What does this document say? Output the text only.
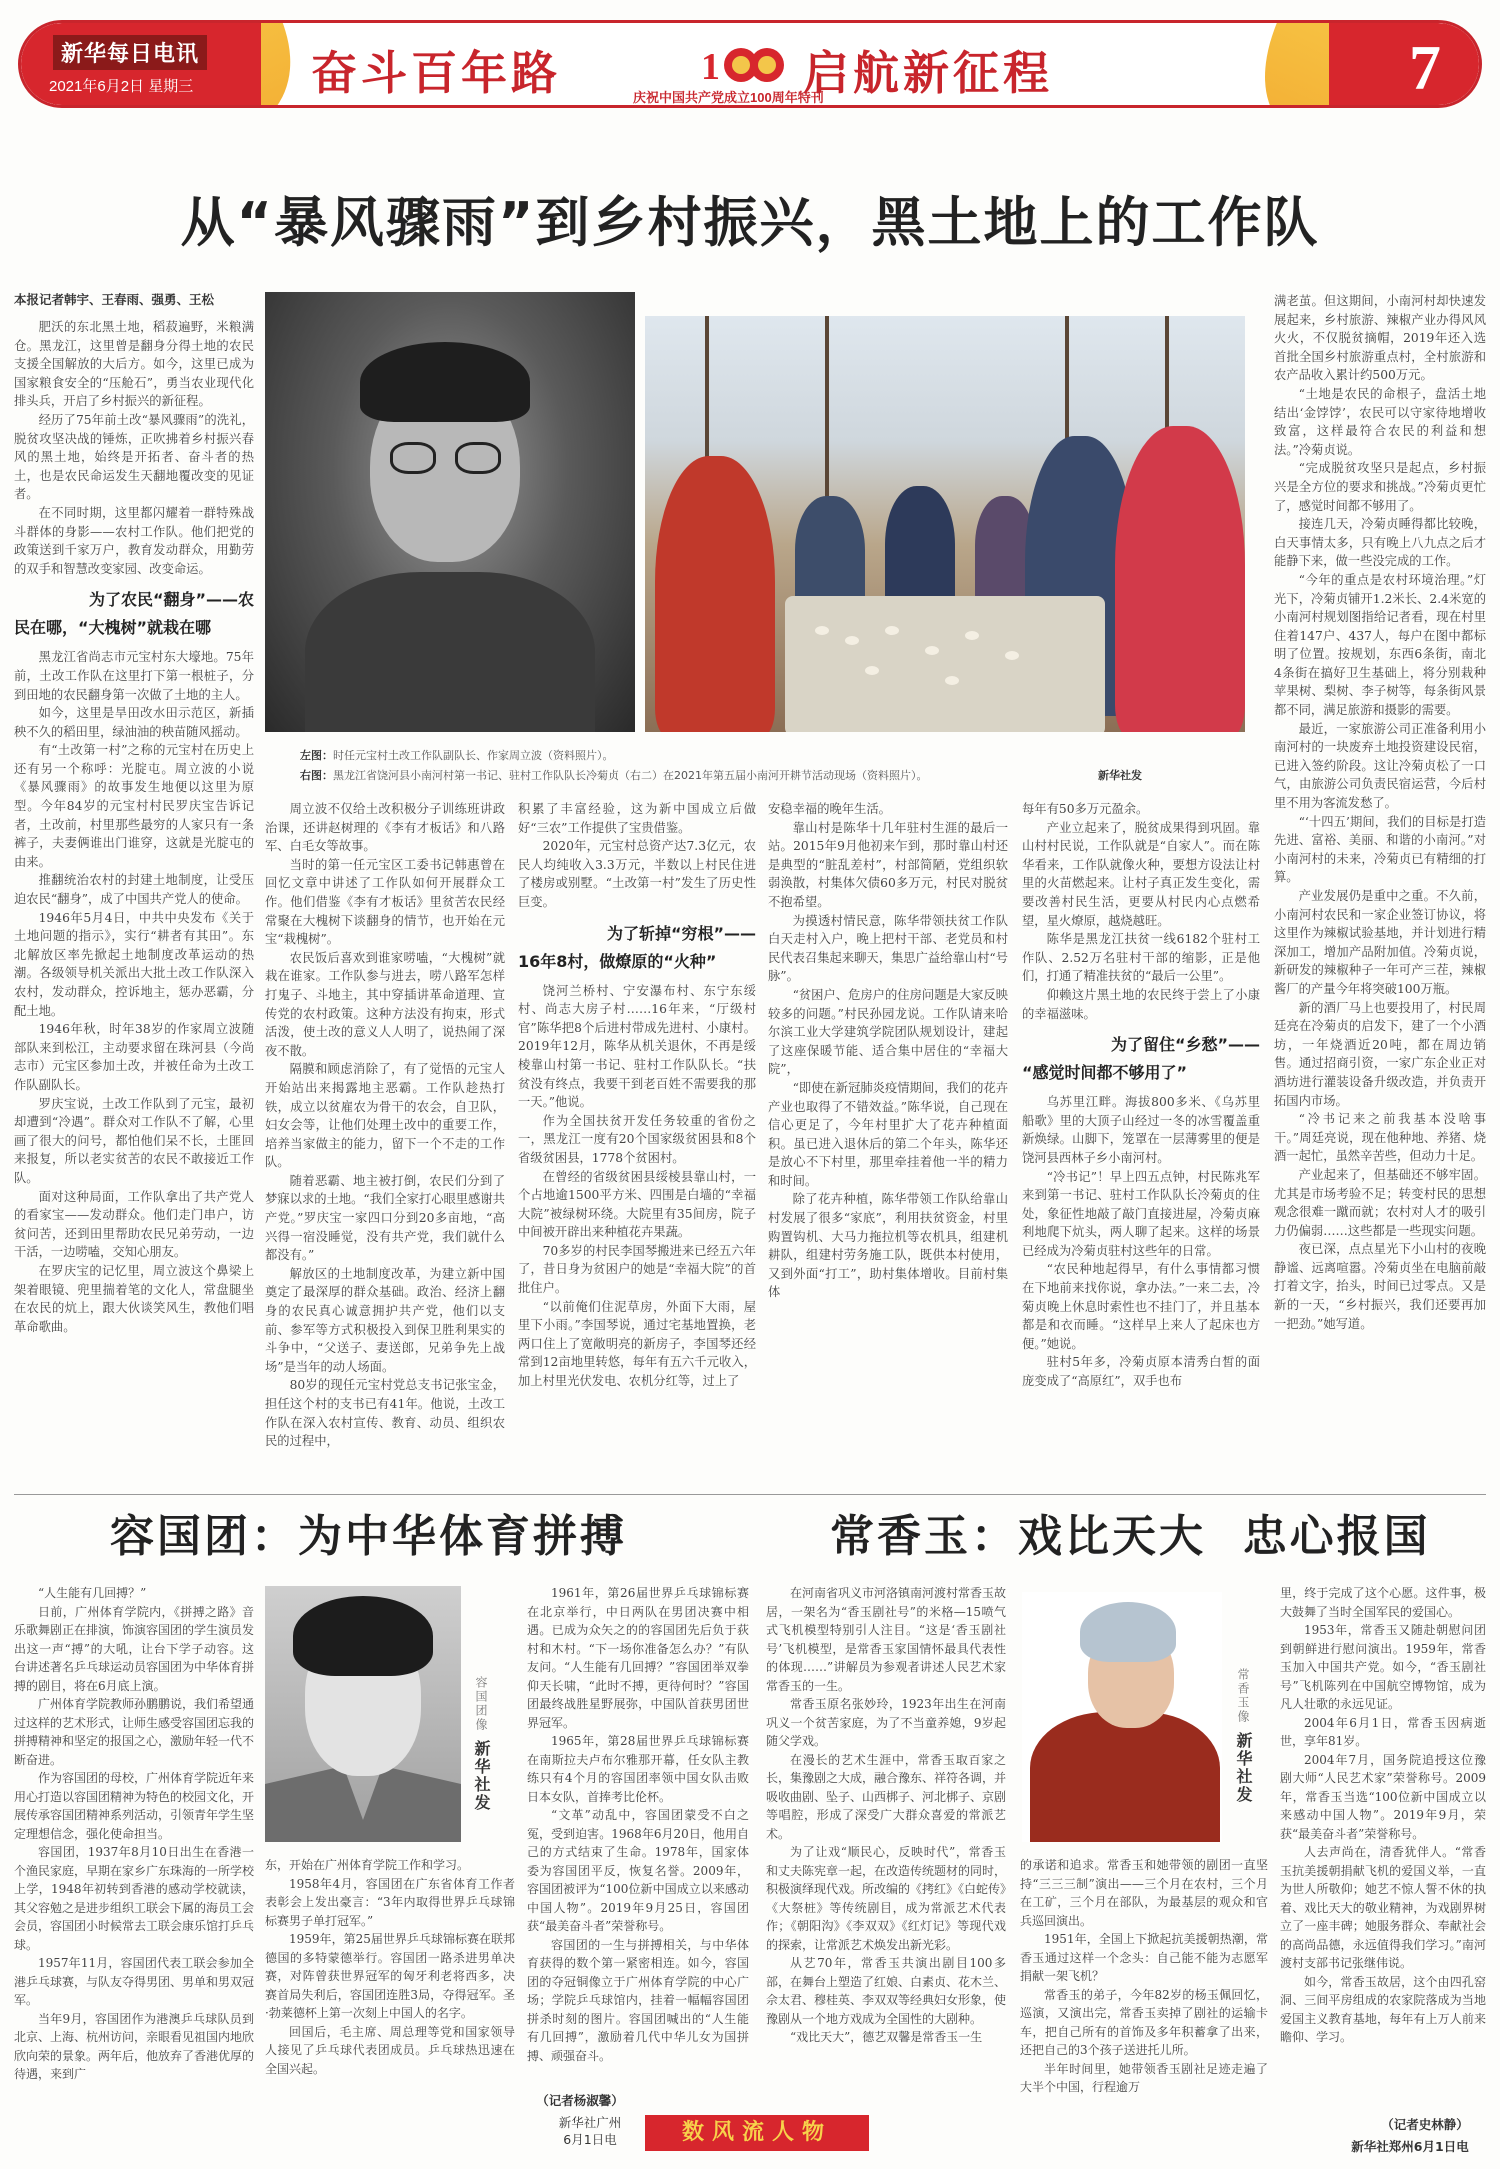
新华每日电讯
2021年6月2日 星期三	奋斗百年路	1 启航新征程
庆祝中国共产党成立100周年特刊	7
从“暴风骤雨”到乡村振兴，黑土地上的工作队
本报记者韩宇、王春雨、强勇、王松

肥沃的东北黑土地，稻菽遍野，米粮满仓。黑龙江，这里曾是翻身分得土地的农民支援全国解放的大后方。如今，这里已成为国家粮食安全的“压舱石”，勇当农业现代化排头兵，开启了乡村振兴的新征程。

经历了75年前土改“暴风骤雨”的洗礼，脱贫攻坚决战的锤炼，正吹拂着乡村振兴春风的黑土地，始终是开拓者、奋斗者的热土，也是农民命运发生天翻地覆改变的见证者。

在不同时期，这里都闪耀着一群特殊战斗群体的身影——农村工作队。他们把党的政策送到千家万户，教育发动群众，用勤劳的双手和智慧改变家园、改变命运。

为了农民“翻身”——农
民在哪，“大槐树”就栽在哪

黑龙江省尚志市元宝村东大壕地。75年前，土改工作队在这里打下第一根桩子，分到田地的农民翻身第一次做了土地的主人。

如今，这里是旱田改水田示范区，新插秧不久的稻田里，绿油油的秧苗随风摇动。

有“土改第一村”之称的元宝村在历史上还有另一个称呼：光腚屯。周立波的小说《暴风骤雨》的故事发生地便以这里为原型。今年84岁的元宝村村民罗庆宝告诉记者，土改前，村里那些最穷的人家只有一条裤子，夫妻俩谁出门谁穿，这就是光腚屯的由来。

推翻统治农村的封建土地制度，让受压迫农民“翻身”，成了中国共产党人的使命。

1946年5月4日，中共中央发布《关于土地问题的指示》，实行“耕者有其田”。东北解放区率先掀起土地制度改革运动的热潮。各级领导机关派出大批土改工作队深入农村，发动群众，控诉地主，惩办恶霸，分配土地。

1946年秋，时年38岁的作家周立波随部队来到松江，主动要求留在珠河县（今尚志市）元宝区参加土改，并被任命为土改工作队副队长。

罗庆宝说，土改工作队到了元宝，最初却遭到“冷遇”。群众对工作队不了解，心里画了很大的问号，都怕他们呆不长，土匪回来报复，所以老实贫苦的农民不敢接近工作队。

面对这种局面，工作队拿出了共产党人的看家宝——发动群众。他们走门串户，访贫问苦，还到田里帮助农民兄弟劳动，一边干活，一边唠嗑，交知心朋友。

在罗庆宝的记忆里，周立波这个鼻梁上架着眼镜、兜里揣着笔的文化人，常盘腿坐在农民的炕上，跟大伙谈笑风生，教他们唱革命歌曲。

左图：时任元宝村土改工作队副队长、作家周立波（资料照片）。
右图：黑龙江省饶河县小南河村第一书记、驻村工作队队长冷菊贞（右二）在2021年第五届小南河开耕节活动现场（资料照片）。	新华社发

周立波不仅给土改积极分子训练班讲政治课，还讲赵树理的《李有才板话》和八路军、白毛女等故事。

当时的第一任元宝区工委书记韩惠曾在回忆文章中讲述了工作队如何开展群众工作。他们借鉴《李有才板话》里贫苦农民经常聚在大槐树下谈翻身的情节，也开始在元宝“栽槐树”。

农民饭后喜欢到谁家唠嗑，“大槐树”就栽在谁家。工作队参与进去，唠八路军怎样打鬼子、斗地主，其中穿插讲革命道理、宣传党的农村政策。这种方法没有拘束，形式活泼，使土改的意义人人明了，说热闹了深夜不散。

隔膜和顾虑消除了，有了觉悟的元宝人开始站出来揭露地主恶霸。工作队趁热打铁，成立以贫雇农为骨干的农会，自卫队，妇女会等，让他们处理土改中的重要工作，培养当家做主的能力，留下一个不走的工作队。

随着恶霸、地主被打倒，农民们分到了梦寐以求的土地。“我们全家打心眼里感谢共产党。”罗庆宝一家四口分到20多亩地，“高兴得一宿没睡觉，没有共产党，我们就什么都没有。”

解放区的土地制度改革，为建立新中国奠定了最深厚的群众基础。政治、经济上翻身的农民真心诚意拥护共产党，他们以支前、参军等方式积极投入到保卫胜利果实的斗争中，“父送子、妻送郎，兄弟争先上战场”是当年的动人场面。

80岁的现任元宝村党总支书记张宝金，担任这个村的支书已有41年。他说，土改工作队在深入农村宣传、教育、动员、组织农民的过程中，

积累了丰富经验，这为新中国成立后做好“三农”工作提供了宝贵借鉴。

2020年，元宝村总资产达7.3亿元，农民人均纯收入3.3万元，半数以上村民住进了楼房或别墅。“土改第一村”发生了历史性巨变。

为了斩掉“穷根”——
16年8村，做燎原的“火种”

饶河兰桥村、宁安瀑布村、东宁东绥村、尚志大房子村……16年来，“厅级村官”陈华把8个后进村带成先进村、小康村。2019年12月，陈华从机关退休，不再是绥棱靠山村第一书记、驻村工作队队长。“扶贫没有终点，我要干到老百姓不需要我的那一天。”他说。

作为全国扶贫开发任务较重的省份之一，黑龙江一度有20个国家级贫困县和8个省级贫困县，1778个贫困村。

在曾经的省级贫困县绥棱县靠山村，一个占地逾1500平方米、四围是白墙的“幸福大院”被绿树环绕。大院里有35间房，院子中间被开辟出来种植花卉果蔬。

70多岁的村民李国琴搬进来已经五六年了，昔日身为贫困户的她是“幸福大院”的首批住户。

“以前俺们住泥草房，外面下大雨，屋里下小雨。”李国琴说，通过宅基地置换，老两口住上了宽敞明亮的新房子，李国琴还经常到12亩地里转悠，每年有五六千元收入，加上村里光伏发电、农机分红等，过上了

安稳幸福的晚年生活。

靠山村是陈华十几年驻村生涯的最后一站。2015年9月他初来乍到，那时靠山村还是典型的“脏乱差村”，村部简陋，党组织软弱涣散，村集体欠债60多万元，村民对脱贫不抱希望。

为摸透村情民意，陈华带领扶贫工作队白天走村入户，晚上把村干部、老党员和村民代表召集起来聊天，集思广益给靠山村“号脉”。

“贫困户、危房户的住房问题是大家反映较多的问题。”村民孙园龙说。工作队请来哈尔滨工业大学建筑学院团队规划设计，建起了这座保暖节能、适合集中居住的“幸福大院”，

“即使在新冠肺炎疫情期间，我们的花卉产业也取得了不错效益。”陈华说，自己现在信心更足了，今年村里扩大了花卉种植面积。虽已进入退休后的第二个年头，陈华还是放心不下村里，那里牵挂着他一半的精力和时间。

除了花卉种植，陈华带领工作队给靠山村发展了很多“家底”，利用扶贫资金，村里购置钩机、大马力拖拉机等农机具，组建机耕队，组建村劳务施工队，既供本村使用，又到外面“打工”，助村集体增收。目前村集体

每年有50多万元盈余。

产业立起来了，脱贫成果得到巩固。靠山村村民说，工作队就是“自家人”。而在陈华看来，工作队就像火种，要想方设法让村里的火苗燃起来。让村子真正发生变化，需要改善村民生活，更要从村民内心点燃希望，星火燎原，越烧越旺。

陈华是黑龙江扶贫一线6182个驻村工作队、2.52万名驻村干部的缩影，正是他们，打通了精准扶贫的“最后一公里”。

仰赖这片黑土地的农民终于尝上了小康的幸福滋味。

为了留住“乡愁”——
“感觉时间都不够用了”

乌苏里江畔。海拔800多米、《乌苏里船歌》里的大顶子山经过一冬的冰雪覆盖重新焕绿。山脚下，笼罩在一层薄雾里的便是饶河县西林子乡小南河村。

“冷书记”！早上四五点钟，村民陈兆军来到第一书记、驻村工作队队长冷菊贞的住处，象征性地敲了敲门直接进屋，冷菊贞麻利地爬下炕头，两人聊了起来。这样的场景已经成为冷菊贞驻村这些年的日常。

“农民种地起得早，有什么事情都习惯在下地前来找你说，拿办法。”一来二去，冷菊贞晚上休息时索性也不挂门了，并且基本都是和衣而睡。“这样早上来人了起床也方便。”她说。

驻村5年多，冷菊贞原本清秀白皙的面庞变成了“高原红”，双手也布

满老茧。但这期间，小南河村却快速发展起来，乡村旅游、辣椒产业办得风风火火，不仅脱贫摘帽，2019年还入选首批全国乡村旅游重点村，全村旅游和农产品收入累计约500万元。

“土地是农民的命根子，盘活土地结出‘金饽饽’，农民可以守家待地增收致富，这样最符合农民的利益和想法。”冷菊贞说。

“完成脱贫攻坚只是起点，乡村振兴是全方位的要求和挑战。”冷菊贞更忙了，感觉时间都不够用了。

接连几天，冷菊贞睡得都比较晚，白天事情太多，只有晚上八九点之后才能静下来，做一些没完成的工作。

“今年的重点是农村环境治理。”灯光下，冷菊贞铺开1.2米长、2.4米宽的小南河村规划图指给记者看，现在村里住着147户、437人，每户在图中都标明了位置。按规划，东西6条街，南北4条街在搞好卫生基础上，将分别栽种苹果树、梨树、李子树等，每条街风景都不同，满足旅游和摄影的需要。

最近，一家旅游公司正准备利用小南河村的一块废弃土地投资建设民宿，已进入签约阶段。这让冷菊贞松了一口气，由旅游公司负责民宿运营，今后村里不用为客流发愁了。

“‘十四五’期间，我们的目标是打造先进、富裕、美丽、和谐的小南河。”对小南河村的未来，冷菊贞已有精细的打算。

产业发展仍是重中之重。不久前，小南河村农民和一家企业签订协议，将这里作为辣椒试验基地，并计划进行精深加工，增加产品附加值。冷菊贞说，新研发的辣椒种子一年可产三茬，辣椒酱厂的产量今年将突破100万瓶。

新的酒厂马上也要投用了，村民周廷亮在冷菊贞的启发下，建了一个小酒坊，一年烧酒近20吨，都在周边销售。通过招商引资，一家广东企业正对酒坊进行灌装设备升级改造，并负责开拓国内市场。

“冷书记来之前我基本没啥事干。”周廷亮说，现在他种地、养猪、烧酒一起忙，虽然辛苦些，但动力十足。

产业起来了，但基础还不够牢固。尤其是市场考验不足；转变村民的思想观念很难一蹴而就；农村对人才的吸引力仍偏弱……这些都是一些现实问题。

夜已深，点点星光下小山村的夜晚静谧、远离喧嚣。冷菊贞坐在电脑前敲打着文字，抬头，时间已过零点。又是新的一天，“乡村振兴，我们还要再加一把劲。”她写道。

容国团：为中华体育拼搏

“人生能有几回搏？”

日前，广州体育学院内，《拼搏之路》音乐歌舞剧正在排演，饰演容国团的学生演员发出这一声“搏”的大吼，让台下学子动容。这台讲述著名乒乓球运动员容国团为中华体育拼搏的剧目，将在6月底上演。

广州体育学院教师孙鹏鹏说，我们希望通过这样的艺术形式，让师生感受容国团忘我的拼搏精神和坚定的报国之心，激励年轻一代不断奋进。

作为容国团的母校，广州体育学院近年来用心打造以容国团精神为特色的校园文化，开展传承容国团精神系列活动，引领青年学生坚定理想信念，强化使命担当。

容国团，1937年8月10日出生在香港一个渔民家庭，早期在家乡广东珠海的一所学校上学，1948年初转到香港的感动学校就读，其父容勉之是进步组织工联会下属的海员工会会员，容国团小时候常去工联会康乐馆打乒乓球。

1957年11月，容国团代表工联会参加全港乒乓球赛，与队友夺得男团、男单和男双冠军。

当年9月，容国团作为港澳乒乓球队员到北京、上海、杭州访问，亲眼看见祖国内地欣欣向荣的景象。两年后，他放弃了香港优厚的待遇，来到广

容国团像新华社发

东，开始在广州体育学院工作和学习。

1958年4月，容国团在广东省体育工作者表彰会上发出豪言：“3年内取得世界乒乓球锦标赛男子单打冠军。”

1959年，第25届世界乒乓球锦标赛在联邦德国的多特蒙德举行。容国团一路杀进男单决赛，对阵曾获世界冠军的匈牙利老将西多，决赛首局失利后，容国团连胜3局，夺得冠军。圣·勃莱德杯上第一次刻上中国人的名字。

回国后，毛主席、周总理等党和国家领导人接见了乒乓球代表团成员。乒乓球热迅速在全国兴起。

1961年，第26届世界乒乓球锦标赛在北京举行，中日两队在男团决赛中相遇。已成为众矢之的的容国团先后负于荻村和木村。“下一场你准备怎么办？”有队友问。“人生能有几回搏？”容国团举双拳仰天长啸，“此时不搏，更待何时？”容国团最终战胜星野展弥，中国队首获男团世界冠军。

1965年，第28届世界乒乓球锦标赛在南斯拉夫卢布尔雅那开幕，任女队主教练只有4个月的容国团率领中国女队击败日本女队，首捧考比伦杯。

“文革”动乱中，容国团蒙受不白之冤，受到迫害。1968年6月20日，他用自己的方式结束了生命。1978年，国家体委为容国团平反，恢复名誉。2009年，容国团被评为“100位新中国成立以来感动中国人物”。2019年9月25日，容国团获“最美奋斗者”荣誉称号。

容国团的一生与拼搏相关，与中华体育获得的数个第一紧密相连。如今，容国团的夺冠铜像立于广州体育学院的中心广场；学院乒乓球馆内，挂着一幅幅容国团拼杀时刻的图片。容国团喊出的“人生能有几回搏”，激励着几代中华儿女为国拼搏、顽强奋斗。

（记者杨淑馨）
新华社广州
6月1日电	数风流人物
常香玉：戏比天大  忠心报国

在河南省巩义市河洛镇南河渡村常香玉故居，一架名为“香玉剧社号”的米格—15喷气式飞机模型特别引人注目。“这是‘香玉剧社号’飞机模型，是常香玉家国情怀最具代表性的体现……”讲解员为参观者讲述人民艺术家常香玉的一生。

常香玉原名张妙玲，1923年出生在河南巩义一个贫苦家庭，为了不当童养媳，9岁起随父学戏。

在漫长的艺术生涯中，常香玉取百家之长，集豫剧之大成，融合豫东、祥符各调，并吸收曲剧、坠子、山西梆子、河北梆子、京剧等唱腔，形成了深受广大群众喜爱的常派艺术。

为了让戏“顺民心，反映时代”，常香玉和丈夫陈宪章一起，在改造传统题材的同时，积极演绎现代戏。所改编的《拷红》《白蛇传》《大祭桩》等传统剧目，成为常派艺术代表作；《朝阳沟》《李双双》《红灯记》等现代戏的探索，让常派艺术焕发出新光彩。

从艺70年，常香玉共演出剧目100多部，在舞台上塑造了红娘、白素贞、花木兰、佘太君、穆桂英、李双双等经典妇女形象，使豫剧从一个地方戏成为全国性的大剧种。

“戏比天大”，德艺双馨是常香玉一生

常香玉像新华社发

的承诺和追求。常香玉和她带领的剧团一直坚持“三三三制”演出——三个月在农村，三个月在工矿，三个月在部队，为最基层的观众和官兵巡回演出。

1951年，全国上下掀起抗美援朝热潮，常香玉通过这样一个念头：自己能不能为志愿军捐献一架飞机？

常香玉的弟子，今年82岁的杨玉佩回忆，巡演，又演出完，常香玉卖掉了剧社的运输卡车，把自己所有的首饰及多年积蓄拿了出来，还把自己的3个孩子送进托儿所。

半年时间里，她带领香玉剧社足迹走遍了大半个中国，行程逾万

里，终于完成了这个心愿。这件事，极大鼓舞了当时全国军民的爱国心。

1953年，常香玉又随赴朝慰问团到朝鲜进行慰问演出。1959年，常香玉加入中国共产党。如今，“香玉剧社号”飞机陈列在中国航空博物馆，成为凡人壮歌的永远见证。

2004年6月1日，常香玉因病逝世，享年81岁。

2004年7月，国务院追授这位豫剧大师“人民艺术家”荣誉称号。2009年，常香玉当选“100位新中国成立以来感动中国人物”。2019年9月，荣获“最美奋斗者”荣誉称号。

人去声尚在，清香犹伴人。“常香玉抗美援朝捐献飞机的爱国义举，一直为世人所敬仰；她艺不惊人誓不休的执着、戏比天大的敬业精神，为戏剧界树立了一座丰碑；她服务群众、奉献社会的高尚品德，永远值得我们学习。”南河渡村支部书记张继伟说。

如今，常香玉故居，这个由四孔窑洞、三间平房组成的农家院落成为当地爱国主义教育基地，每年有上万人前来瞻仰、学习。

（记者史林静）
新华社郑州6月1日电
